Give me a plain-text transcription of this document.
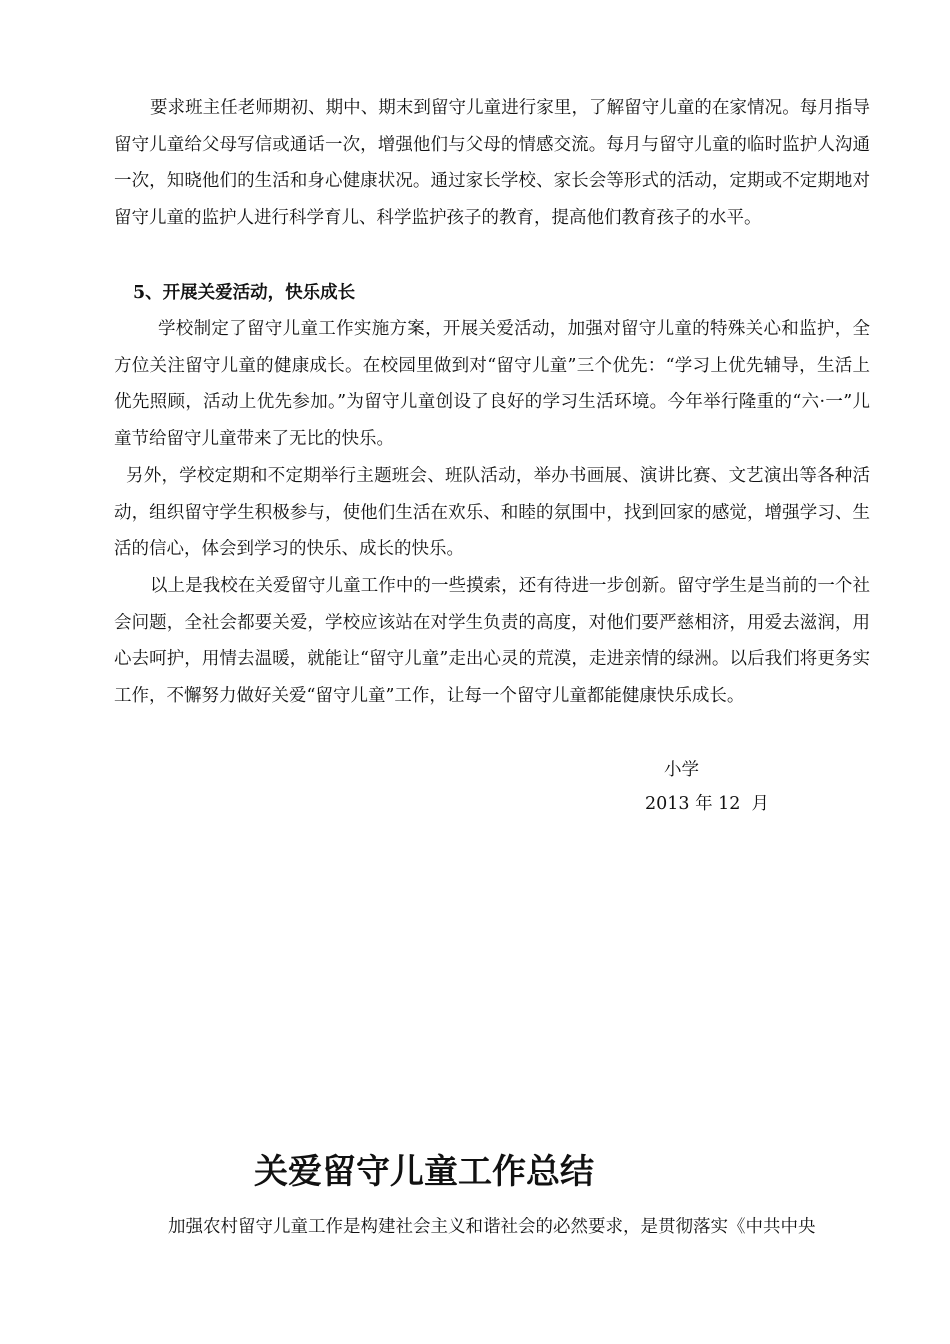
要求班主任老师期初、期中、期末到留守儿童进行家里，了解留守儿童的在家情况。每月指导留守儿童给父母写信或通话一次，增强他们与父母的情感交流。每月与留守儿童的临时监护人沟通一次，知晓他们的生活和身心健康状况。通过家长学校、家长会等形式的活动，定期或不定期地对留守儿童的监护人进行科学育儿、科学监护孩子的教育，提高他们教育孩子的水平。

5、开展关爱活动，快乐成长

学校制定了留守儿童工作实施方案，开展关爱活动，加强对留守儿童的特殊关心和监护，全方位关注留守儿童的健康成长。在校园里做到对“留守儿童”三个优先：“学习上优先辅导，生活上优先照顾，活动上优先参加。”为留守儿童创设了良好的学习生活环境。今年举行隆重的“六·一”儿童节给留守儿童带来了无比的快乐。

另外，学校定期和不定期举行主题班会、班队活动，举办书画展、演讲比赛、文艺演出等各种活动，组织留守学生积极参与，使他们生活在欢乐、和睦的氛围中，找到回家的感觉，增强学习、生活的信心，体会到学习的快乐、成长的快乐。

以上是我校在关爱留守儿童工作中的一些摸索，还有待进一步创新。留守学生是当前的一个社会问题，全社会都要关爱，学校应该站在对学生负责的高度，对他们要严慈相济，用爱去滋润，用心去呵护，用情去温暖，就能让“留守儿童”走出心灵的荒漠，走进亲情的绿洲。以后我们将更务实工作，不懈努力做好关爱“留守儿童”工作，让每一个留守儿童都能健康快乐成长。

小学

2013 年 12  月

关爱留守儿童工作总结

加强农村留守儿童工作是构建社会主义和谐社会的必然要求，是贯彻落实《中共中央
